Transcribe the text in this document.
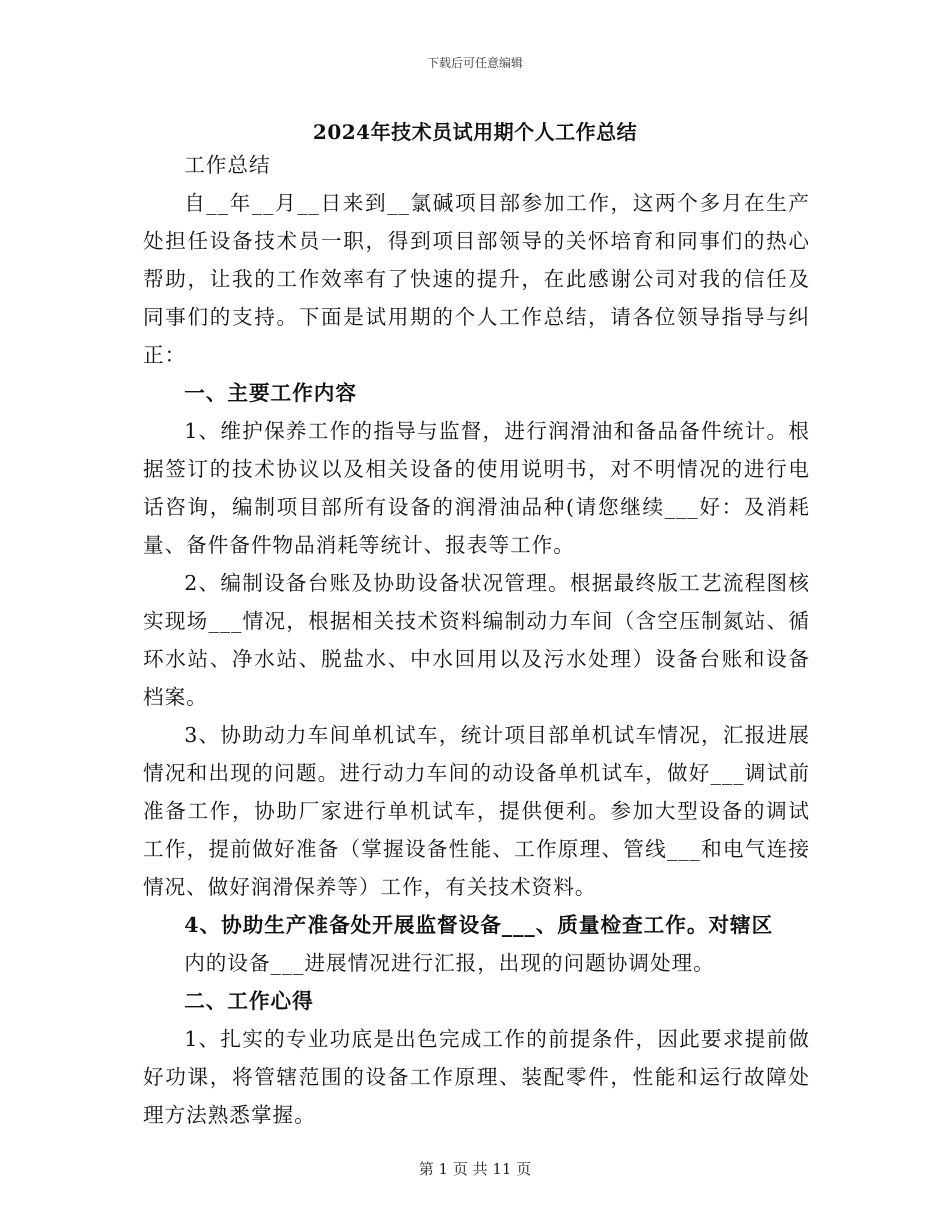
下载后可任意编辑
2024年技术员试用期个人工作总结

工作总结

自__年__月__日来到__氯碱项目部参加工作，这两个多月在生产处担任设备技术员一职，得到项目部领导的关怀培育和同事们的热心帮助，让我的工作效率有了快速的提升，在此感谢公司对我的信任及同事们的支持。下面是试用期的个人工作总结，请各位领导指导与纠正：

一、主要工作内容

1、维护保养工作的指导与监督，进行润滑油和备品备件统计。根据签订的技术协议以及相关设备的使用说明书，对不明情况的进行电话咨询，编制项目部所有设备的润滑油品种(请您继续___好：及消耗量、备件备件物品消耗等统计、报表等工作。

2、编制设备台账及协助设备状况管理。根据最终版工艺流程图核实现场___情况，根据相关技术资料编制动力车间（含空压制氮站、循环水站、净水站、脱盐水、中水回用以及污水处理）设备台账和设备档案。

3、协助动力车间单机试车，统计项目部单机试车情况，汇报进展情况和出现的问题。进行动力车间的动设备单机试车，做好___调试前准备工作，协助厂家进行单机试车，提供便利。参加大型设备的调试工作，提前做好准备（掌握设备性能、工作原理、管线___和电气连接情况、做好润滑保养等）工作，有关技术资料。

4、协助生产准备处开展监督设备___、质量检查工作。对辖区

内的设备___进展情况进行汇报，出现的问题协调处理。

二、工作心得

1、扎实的专业功底是出色完成工作的前提条件，因此要求提前做好功课，将管辖范围的设备工作原理、装配零件，性能和运行故障处理方法熟悉掌握。

第 1 页 共 11 页
